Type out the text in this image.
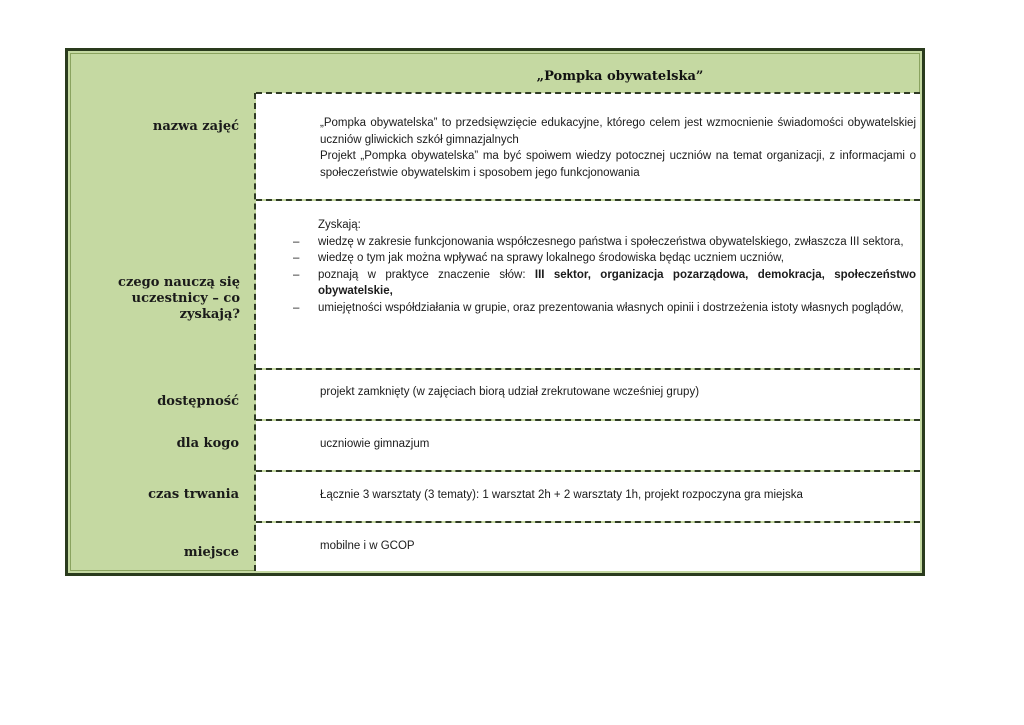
„Pompka obywatelska”
nazwa zajęć
czego nauczą się uczestnicy – co zyskają?
dostępność
dla kogo
czas trwania
miejsce

„Pompka obywatelska” to przedsięwzięcie edukacyjne, którego celem jest wzmocnienie świadomości obywatelskiej uczniów gliwickich szkół gimnazjalnych

Projekt „Pompka obywatelska” ma być spoiwem wiedzy potocznej uczniów na temat organizacji, z informacjami o społeczeństwie obywatelskim i sposobem jego funkcjonowania

Zyskają:

– wiedzę w zakresie funkcjonowania współczesnego państwa i społeczeństwa obywatelskiego, zwłaszcza III sektora,
– wiedzę o tym jak można wpływać na sprawy lokalnego środowiska będąc uczniem uczniów,
– poznają w praktyce znaczenie słów: III sektor, organizacja pozarządowa, demokracja, społeczeństwo obywatelskie,
– umiejętności współdziałania w grupie, oraz prezentowania własnych opinii i dostrzeżenia istoty własnych poglądów,
projekt zamknięty (w zajęciach biorą udział zrekrutowane wcześniej grupy)
uczniowie gimnazjum
Łącznie 3 warsztaty (3 tematy): 1 warsztat 2h + 2 warsztaty 1h, projekt rozpoczyna gra miejska
mobilne i w GCOP
